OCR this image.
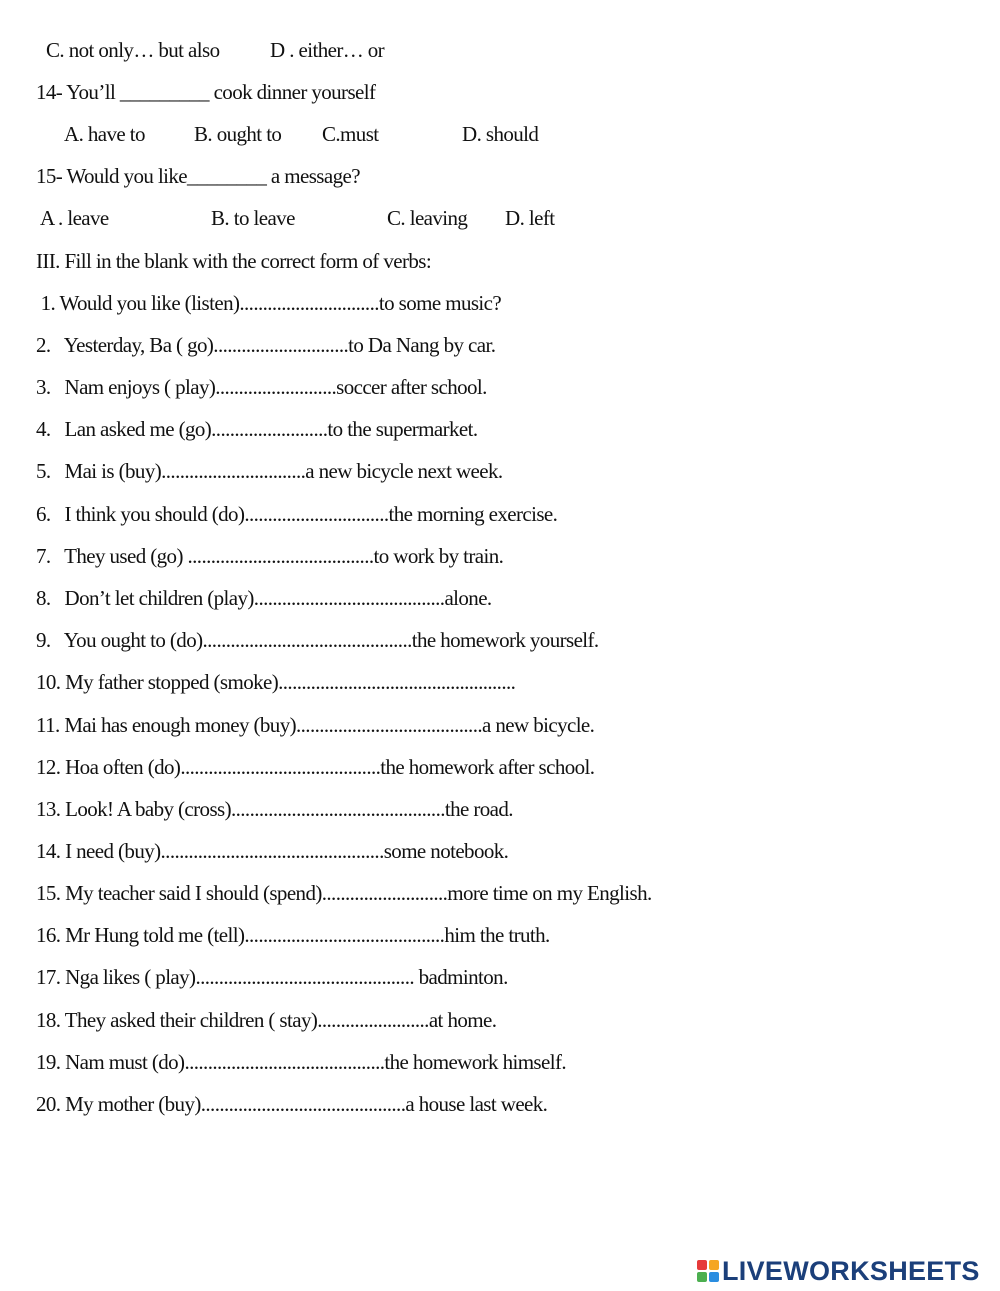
C. not only… but also D . either… or
14- You’ll _________ cook dinner yourself
A. have to B. ought to C.must	D. should
15- Would you like________ a message?
A . leave	B. to leave	C. leaving D. left
III. Fill in the blank with the correct form of verbs:
1. Would you like (listen)..............................to some music?
2.   Yesterday, Ba ( go).............................to Da Nang by car.
3.   Nam enjoys ( play)..........................soccer after school.
4.   Lan asked me (go).........................to the supermarket.
5.   Mai is (buy)...............................a new bicycle next week.
6.   I think you should (do)...............................the morning exercise.
7.   They used (go) ........................................to work by train.
8.   Don’t let children (play).........................................alone.
9.   You ought to (do).............................................the homework yourself.
10. My father stopped (smoke)...................................................
11. Mai has enough money (buy)........................................a new bicycle.
12. Hoa often (do)...........................................the homework after school.
13. Look! A baby (cross)..............................................the road.
14. I need (buy)................................................some notebook.
15. My teacher said I should (spend)...........................more time on my English.
16. Mr Hung told me (tell)...........................................him the truth.
17. Nga likes ( play)............................................... badminton.
18. They asked their children ( stay)........................at home.
19. Nam must (do)...........................................the homework himself.
20. My mother (buy)............................................a house last week.
LIVEWORKSHEETS
